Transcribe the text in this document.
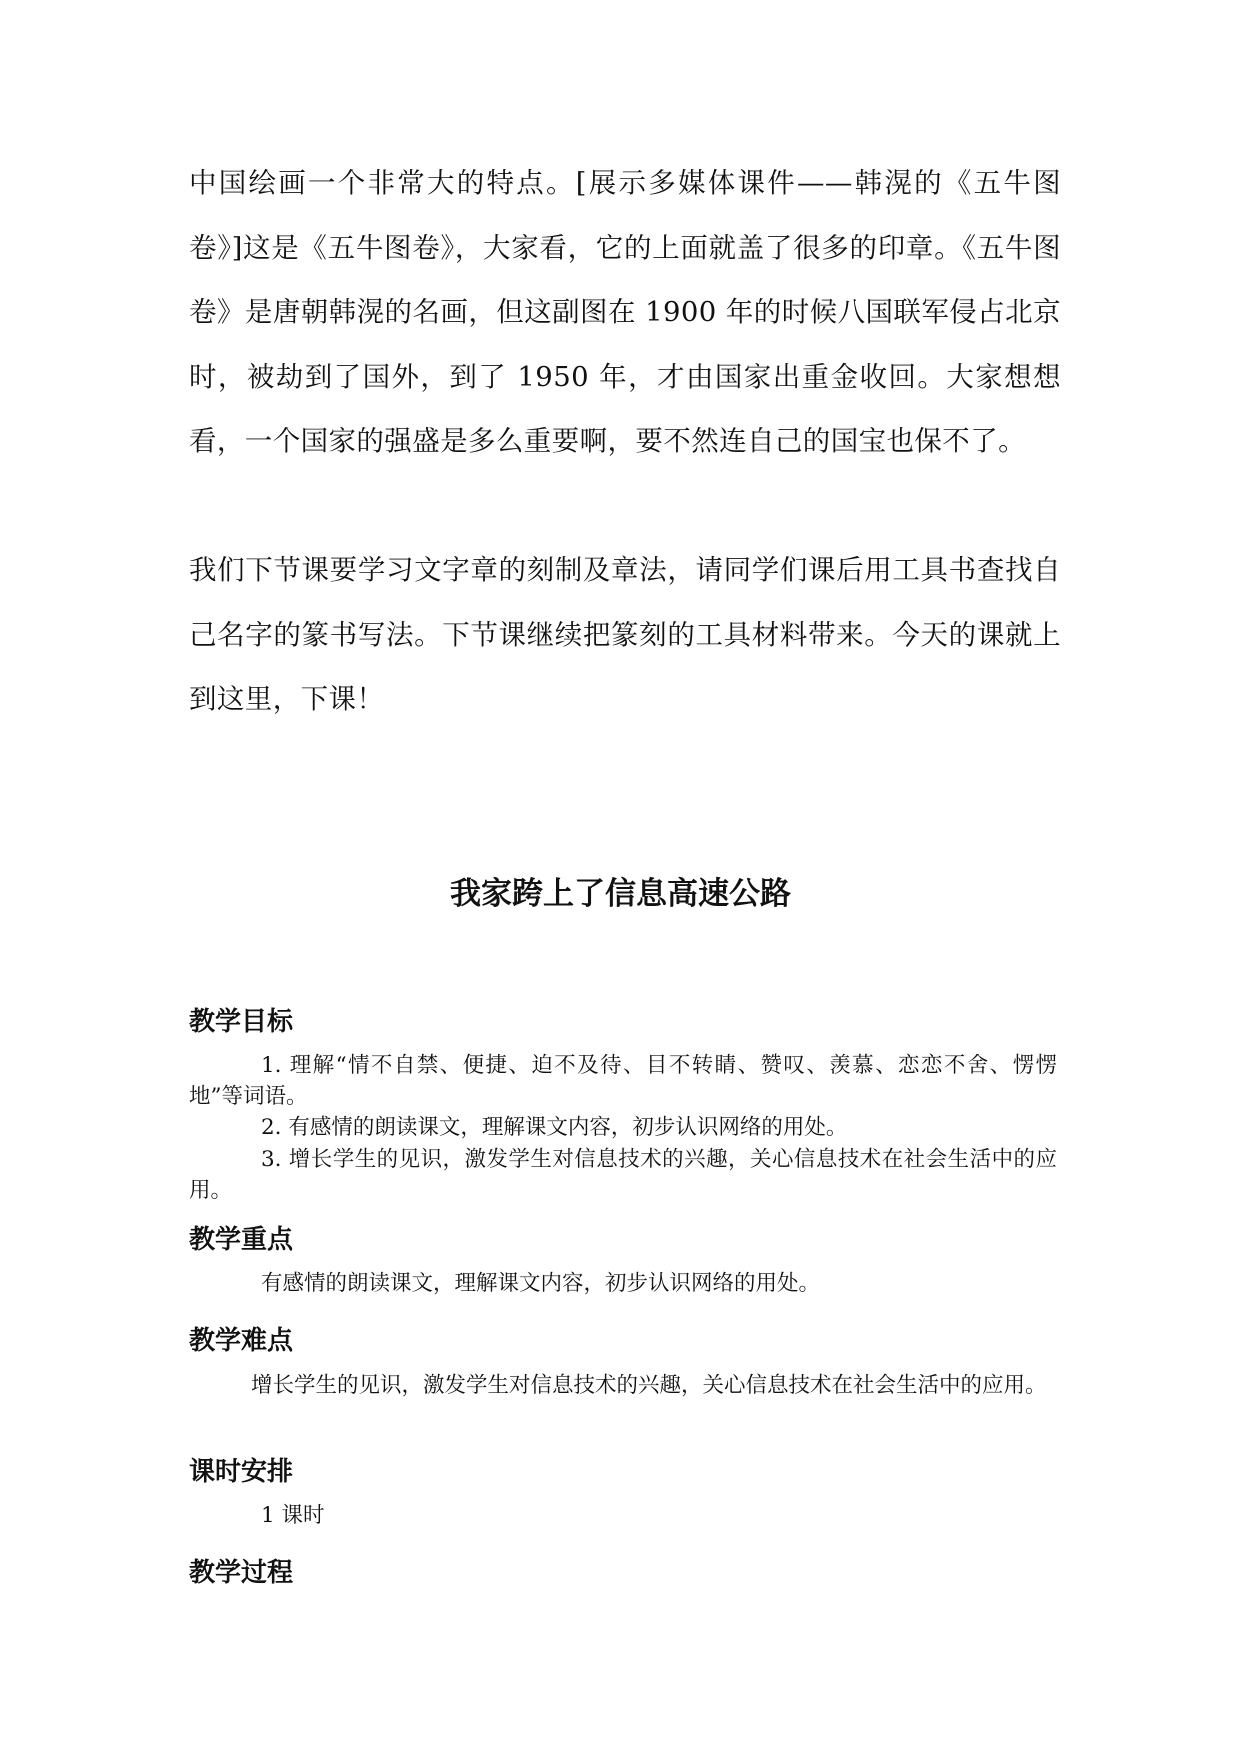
中国绘画一个非常大的特点。[展示多媒体课件——韩滉的《五牛图卷》]这是《五牛图卷》，大家看，它的上面就盖了很多的印章。《五牛图卷》是唐朝韩滉的名画，但这副图在 1900 年的时候八国联军侵占北京时，被劫到了国外，到了 1950 年，才由国家出重金收回。大家想想看，一个国家的强盛是多么重要啊，要不然连自己的国宝也保不了。

我们下节课要学习文字章的刻制及章法，请同学们课后用工具书查找自己名字的篆书写法。下节课继续把篆刻的工具材料带来。今天的课就上到这里，下课！

我家跨上了信息高速公路
教学目标

1. 理解“情不自禁、便捷、迫不及待、目不转睛、赞叹、羡慕、恋恋不舍、愣愣地”等词语。

2. 有感情的朗读课文，理解课文内容，初步认识网络的用处。

3. 增长学生的见识，激发学生对信息技术的兴趣，关心信息技术在社会生活中的应用。

教学重点

有感情的朗读课文，理解课文内容，初步认识网络的用处。

教学难点

增长学生的见识，激发学生对信息技术的兴趣，关心信息技术在社会生活中的应用。

课时安排

1 课时

教学过程
